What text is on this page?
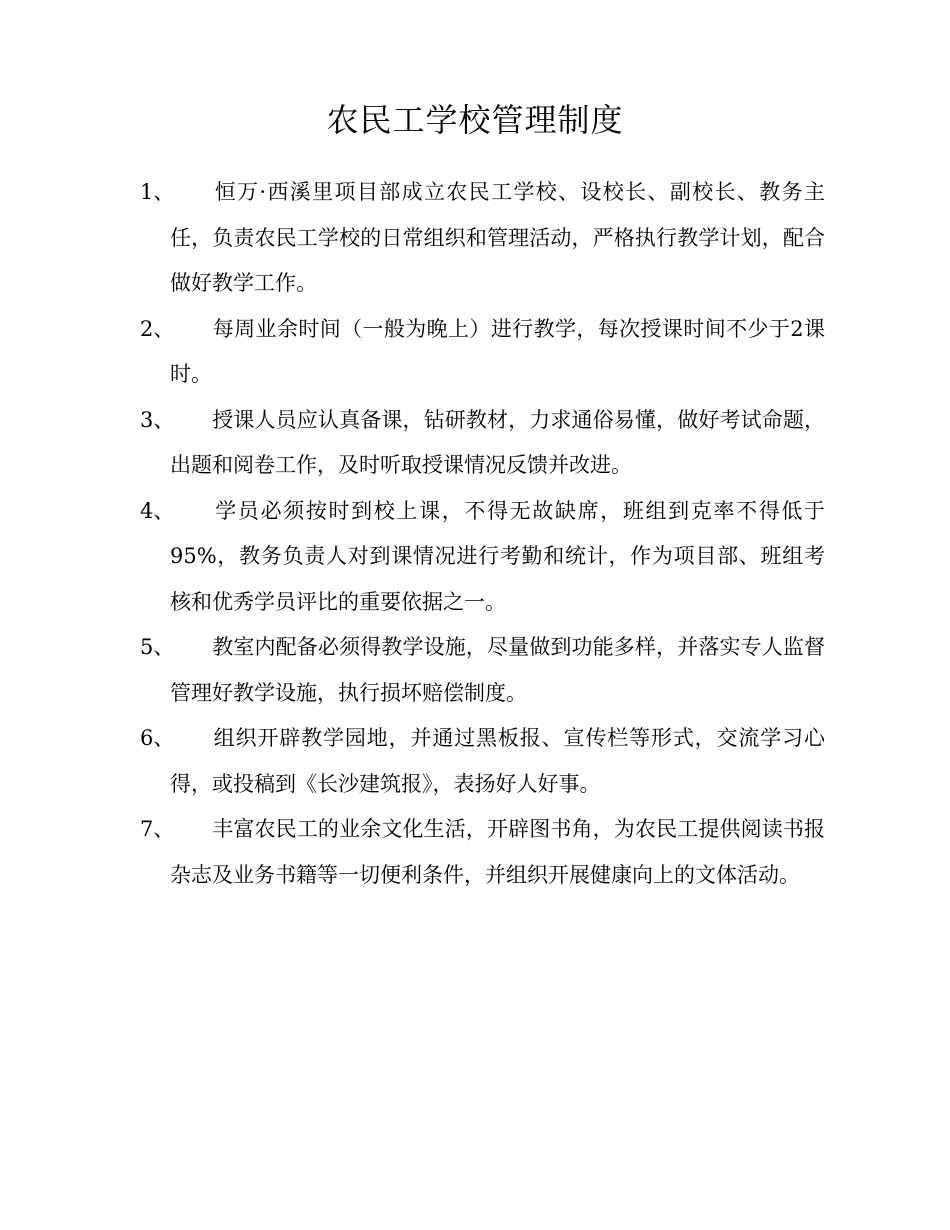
农民工学校管理制度
1、
　　恒万·西溪里项目部成立农民工学校、设校长、副校长、教务主任，负责农民工学校的日常组织和管理活动，严格执行教学计划，配合做好教学工作。
2、
　　每周业余时间（一般为晚上）进行教学，每次授课时间不少于2课时。
3、
　　授课人员应认真备课，钻研教材，力求通俗易懂，做好考试命题，出题和阅卷工作，及时听取授课情况反馈并改进。
4、
　　学员必须按时到校上课，不得无故缺席，班组到克率不得低于95%，教务负责人对到课情况进行考勤和统计，作为项目部、班组考核和优秀学员评比的重要依据之一。
5、
　　教室内配备必须得教学设施，尽量做到功能多样，并落实专人监督管理好教学设施，执行损坏赔偿制度。
6、
　　组织开辟教学园地，并通过黑板报、宣传栏等形式，交流学习心得，或投稿到《长沙建筑报》，表扬好人好事。
7、
　　丰富农民工的业余文化生活，开辟图书角，为农民工提供阅读书报杂志及业务书籍等一切便利条件，并组织开展健康向上的文体活动。
